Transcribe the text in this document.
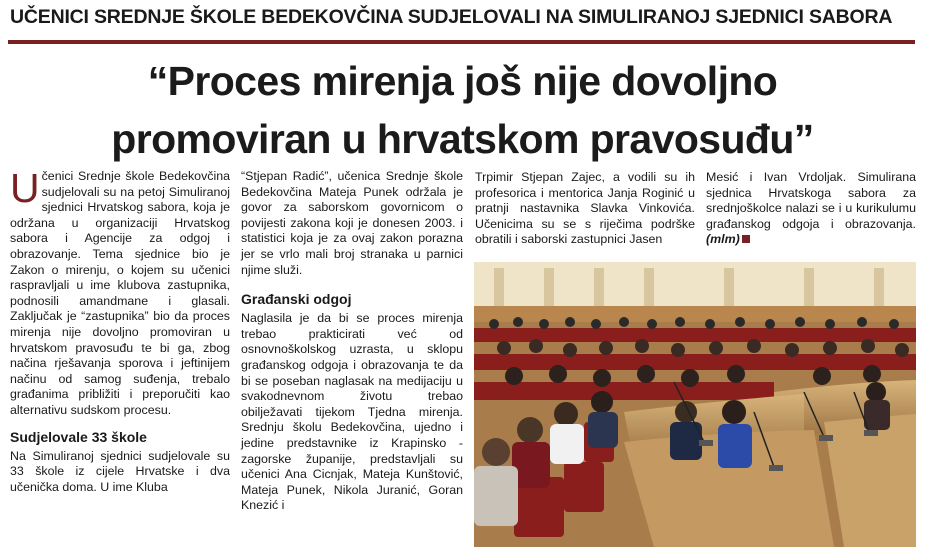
UČENICI SREDNJE ŠKOLE BEDEKOVČINA SUDJELOVALI NA SIMULIRANOJ SJEDNICI SABORA
“Proces mirenja još nije dovoljno
promoviran u hrvatskom pravosuđu”

Učenici Srednje škole Bedekovčina sudjelovali su na petoj Simuliranoj sjednici Hrvatskog sabora, koja je održana u organizaciji Hrvatskog sabora i Agencije za odgoj i obrazovanje. Tema sjednice bio je Zakon o mirenju, o kojem su učenici raspravljali u ime klubova zastupnika, podnosili amandmane i glasali. Zaključak je “zastupnika” bio da proces mirenja nije dovoljno promoviran u hrvatskom pravosuđu te bi ga, zbog načina rješavanja sporova i jeftinijem načinu od samog suđenja, trebalo građanima približiti i preporučiti kao alternativu sudskom procesu.

Sudjelovale 33 škole

Na Simuliranoj sjednici sudjelovale su 33 škole iz cijele Hrvatske i dva učenička doma. U ime Kluba

“Stjepan Radić”, učenica Srednje škole Bedekovčina Mateja Punek održala je govor za saborskom govornicom o povijesti zakona koji je donesen 2003. i statistici koja je za ovaj zakon porazna jer se vrlo mali broj stranaka u parnici njime služi.

Građanski odgoj

Naglasila je da bi se proces mirenja trebao prakticirati već od osnovnoškolskog uzrasta, u sklopu građanskog odgoja i obrazovanja te da bi se poseban naglasak na medijaciju u svakodnevnom životu trebao obilježavati tijekom Tjedna mirenja. Srednju školu Bedekovčina, ujedno i jedine predstavnike iz Krapinsko - zagorske županije, predstavljali su učenici Ana Cicnjak, Mateja Kunštović, Mateja Punek, Nikola Juranić, Goran Knezić i

Trpimir Stjepan Zajec, a vodili su ih profesorica i mentorica Janja Roginić u pratnji nastavnika Slavka Vinkovića. Učenicima su se s riječima podrške obratili i saborski zastupnici Jasen

Mesić i Ivan Vrdoljak. Simulirana sjednica Hrvatskoga sabora za srednjoškolce nalazi se i u kurikulumu građanskog odgoja i obrazovanja. (mlm)
